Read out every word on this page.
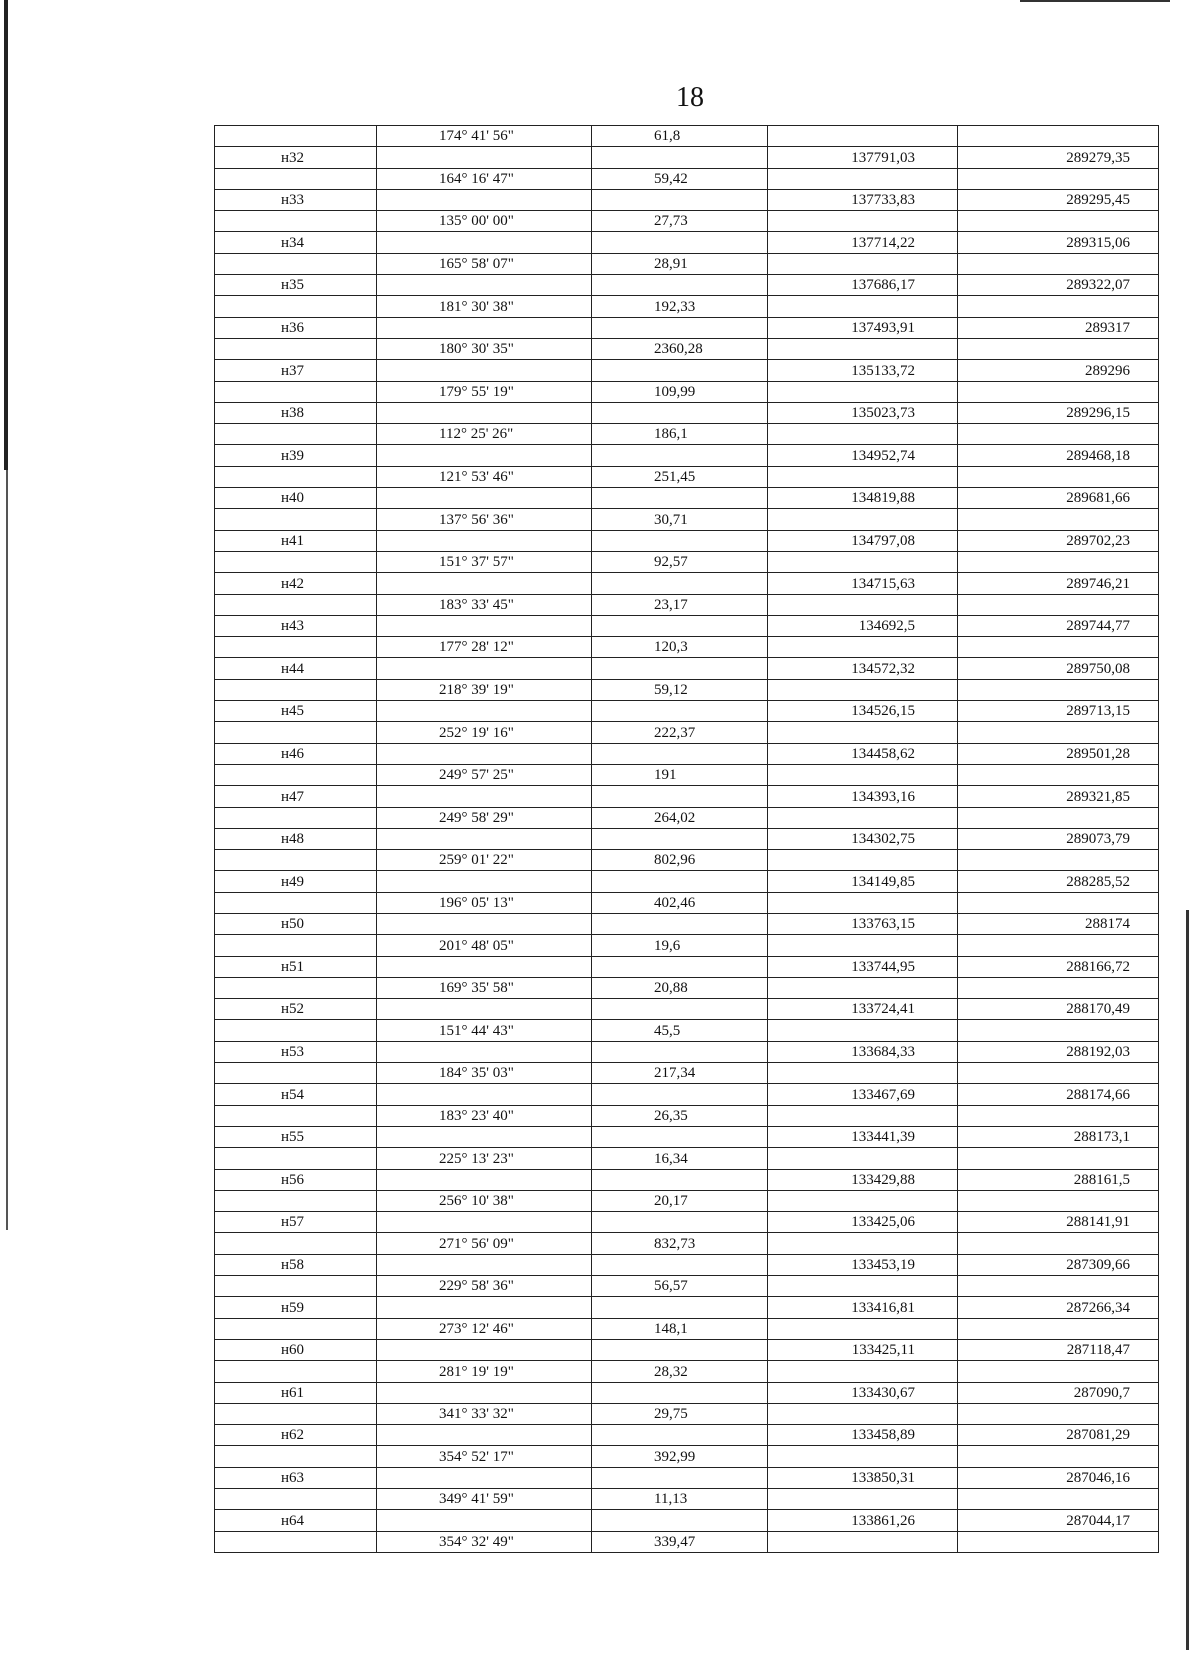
18
	174° 41' 56"	61,8		
н32			137791,03	289279,35
	164° 16' 47"	59,42		
н33			137733,83	289295,45
	135° 00' 00"	27,73		
н34			137714,22	289315,06
	165° 58' 07"	28,91		
н35			137686,17	289322,07
	181° 30' 38"	192,33		
н36			137493,91	289317
	180° 30' 35"	2360,28		
н37			135133,72	289296
	179° 55' 19"	109,99		
н38			135023,73	289296,15
	112° 25' 26"	186,1		
н39			134952,74	289468,18
	121° 53' 46"	251,45		
н40			134819,88	289681,66
	137° 56' 36"	30,71		
н41			134797,08	289702,23
	151° 37' 57"	92,57		
н42			134715,63	289746,21
	183° 33' 45"	23,17		
н43			134692,5	289744,77
	177° 28' 12"	120,3		
н44			134572,32	289750,08
	218° 39' 19"	59,12		
н45			134526,15	289713,15
	252° 19' 16"	222,37		
н46			134458,62	289501,28
	249° 57' 25"	191		
н47			134393,16	289321,85
	249° 58' 29"	264,02		
н48			134302,75	289073,79
	259° 01' 22"	802,96		
н49			134149,85	288285,52
	196° 05' 13"	402,46		
н50			133763,15	288174
	201° 48' 05"	19,6		
н51			133744,95	288166,72
	169° 35' 58"	20,88		
н52			133724,41	288170,49
	151° 44' 43"	45,5		
н53			133684,33	288192,03
	184° 35' 03"	217,34		
н54			133467,69	288174,66
	183° 23' 40"	26,35		
н55			133441,39	288173,1
	225° 13' 23"	16,34		
н56			133429,88	288161,5
	256° 10' 38"	20,17		
н57			133425,06	288141,91
	271° 56' 09"	832,73		
н58			133453,19	287309,66
	229° 58' 36"	56,57		
н59			133416,81	287266,34
	273° 12' 46"	148,1		
н60			133425,11	287118,47
	281° 19' 19"	28,32		
н61			133430,67	287090,7
	341° 33' 32"	29,75		
н62			133458,89	287081,29
	354° 52' 17"	392,99		
н63			133850,31	287046,16
	349° 41' 59"	11,13		
н64			133861,26	287044,17
	354° 32' 49"	339,47		
